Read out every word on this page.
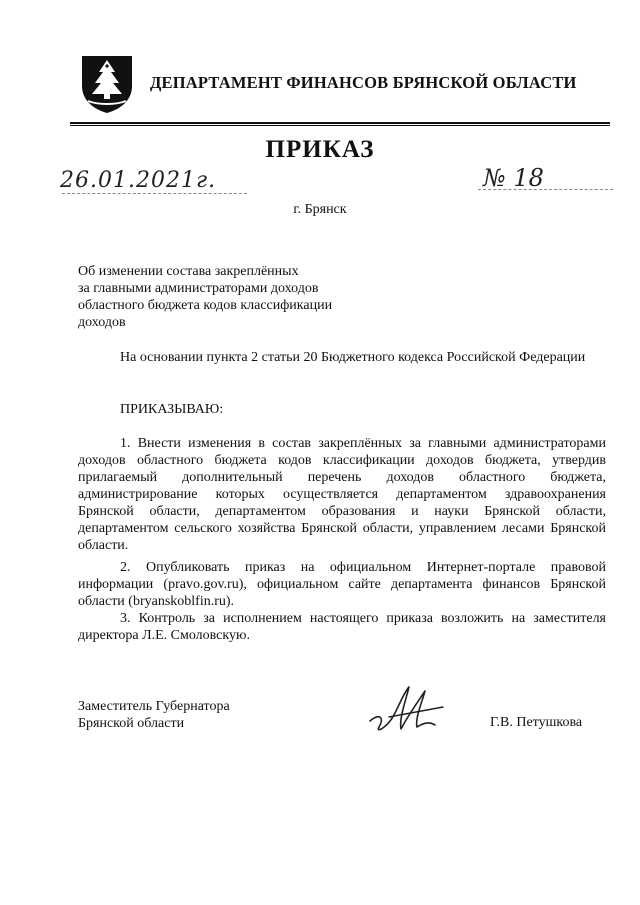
ДЕПАРТАМЕНТ ФИНАНСОВ БРЯНСКОЙ ОБЛАСТИ
ПРИКАЗ
26.01.2021г.	№ 18
г. Брянск
Об изменении состава закреплённых
за главными администраторами доходов
областного бюджета кодов классификации
доходов
На основании пункта 2 статьи 20 Бюджетного кодекса Российской Федерации
ПРИКАЗЫВАЮ:
1. Внести изменения в состав закреплённых за главными администраторами доходов областного бюджета кодов классификации доходов бюджета, утвердив прилагаемый дополнительный перечень доходов областного бюджета, администрирование которых осуществляется департаментом здравоохранения Брянской области, департаментом образования и науки Брянской области, департаментом сельского хозяйства Брянской области, управлением лесами Брянской области.
2. Опубликовать приказ на официальном Интернет-портале правовой информации (pravo.gov.ru), официальном сайте департамента финансов Брянской области (bryanskoblfin.ru).
3. Контроль за исполнением настоящего приказа возложить на заместителя директора Л.Е. Смоловскую.
Заместитель Губернатора
Брянской области	Г.В. Петушкова
